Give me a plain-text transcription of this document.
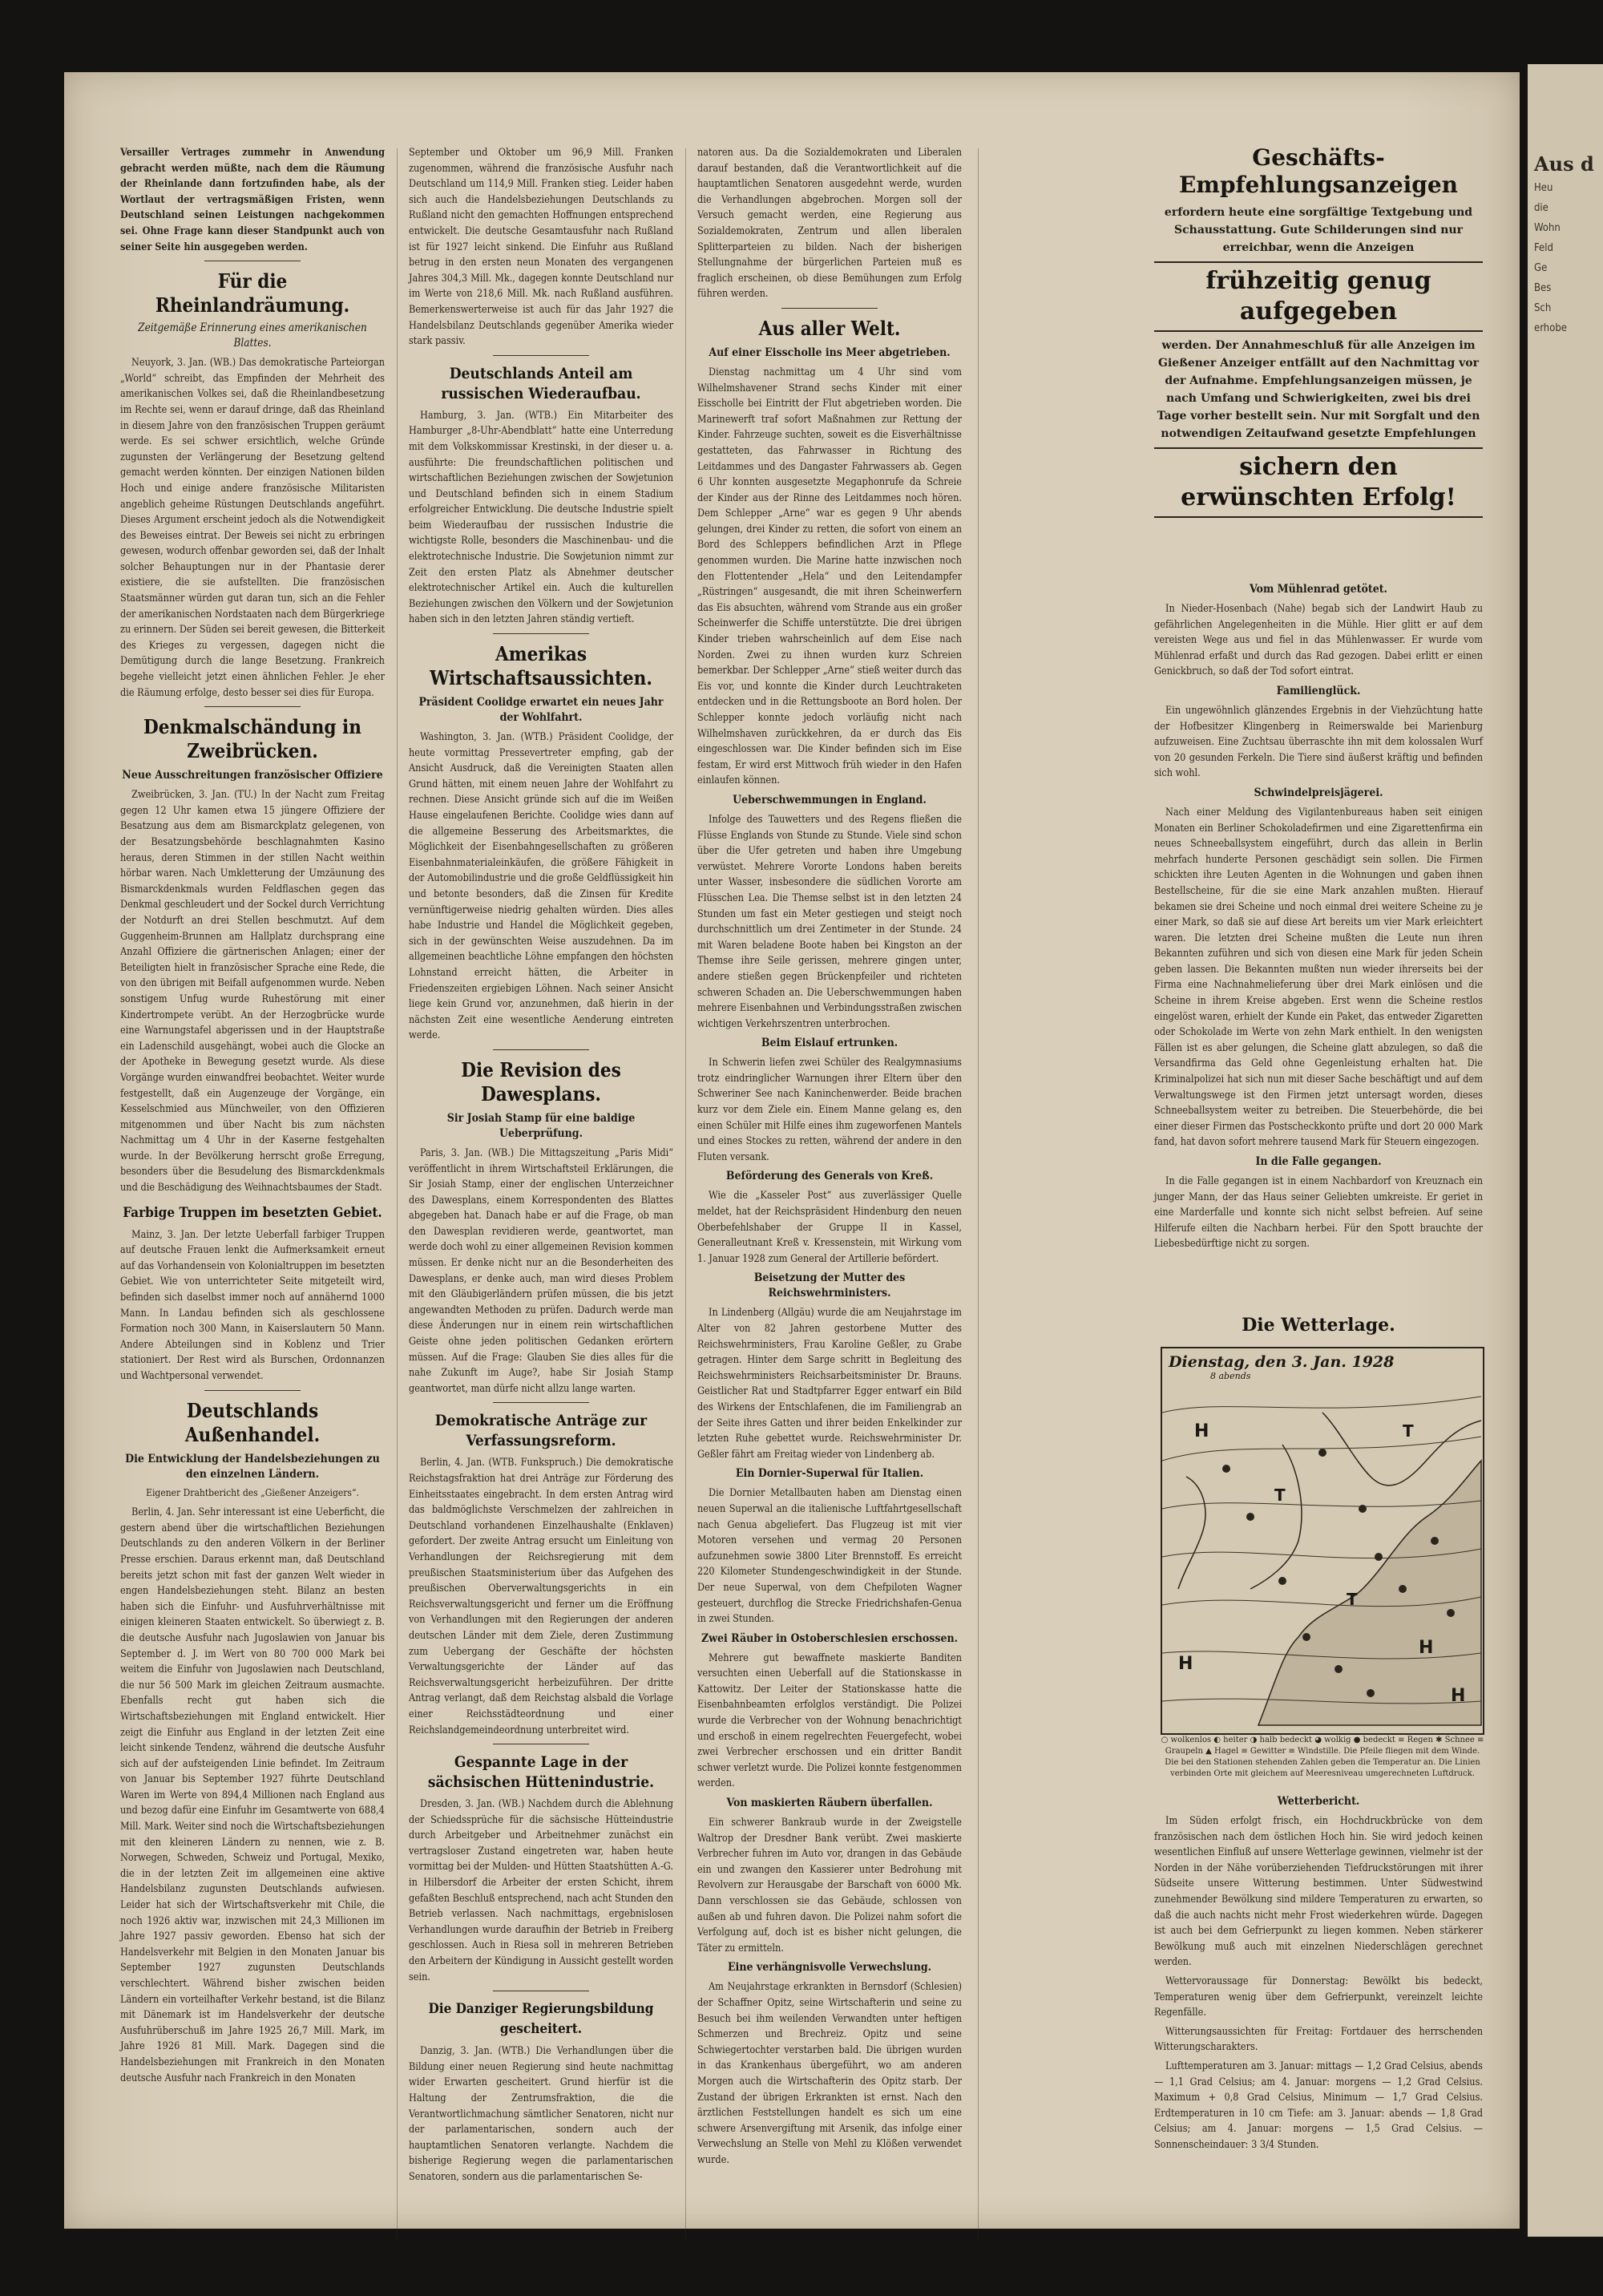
Versailler Vertrages zummehr in Anwendung gebracht werden müßte, nach dem die Räumung der Rheinlande dann fortzufinden habe, als der Wortlaut der vertragsmäßigen Fristen, wenn Deutschland seinen Leistungen nachgekommen sei. Ohne Frage kann dieser Standpunkt auch von seiner Seite hin ausgegeben werden.

Für die Rheinlandräumung.
Zeitgemäße Erinnerung eines amerikanischen Blattes.

Neuyork, 3. Jan. (WB.) Das demokratische Parteiorgan „World“ schreibt, das Empfinden der Mehrheit des amerikanischen Volkes sei, daß die Rheinlandbesetzung im Rechte sei, wenn er darauf dringe, daß das Rheinland in diesem Jahre von den französischen Truppen geräumt werde. Es sei schwer ersichtlich, welche Gründe zugunsten der Verlängerung der Besetzung geltend gemacht werden könnten. Der einzigen Nationen bilden Hoch und einige andere französische Militaristen angeblich geheime Rüstungen Deutschlands angeführt. Dieses Argument erscheint jedoch als die Notwendigkeit des Beweises eintrat. Der Beweis sei nicht zu erbringen gewesen, wodurch offenbar geworden sei, daß der Inhalt solcher Behauptungen nur in der Phantasie derer existiere, die sie aufstellten. Die französischen Staatsmänner würden gut daran tun, sich an die Fehler der amerikanischen Nordstaaten nach dem Bürgerkriege zu erinnern. Der Süden sei bereit gewesen, die Bitterkeit des Krieges zu vergessen, dagegen nicht die Demütigung durch die lange Besetzung. Frankreich begehe vielleicht jetzt einen ähnlichen Fehler. Je eher die Räumung erfolge, desto besser sei dies für Europa.

Denkmalschändung in Zweibrücken.
Neue Ausschreitungen französischer Offiziere

Zweibrücken, 3. Jan. (TU.) In der Nacht zum Freitag gegen 12 Uhr kamen etwa 15 jüngere Offiziere der Besatzung aus dem am Bismarckplatz gelegenen, von der Besatzungsbehörde beschlagnahmten Kasino heraus, deren Stimmen in der stillen Nacht weithin hörbar waren. Nach Umkletterung der Umzäunung des Bismarckdenkmals wurden Feldflaschen gegen das Denkmal geschleudert und der Sockel durch Verrichtung der Notdurft an drei Stellen beschmutzt. Auf dem Guggenheim-Brunnen am Hallplatz durchsprang eine Anzahl Offiziere die gärtnerischen Anlagen; einer der Beteiligten hielt in französischer Sprache eine Rede, die von den übrigen mit Beifall aufgenommen wurde. Neben sonstigem Unfug wurde Ruhestörung mit einer Kindertrompete verübt. An der Herzogbrücke wurde eine Warnungstafel abgerissen und in der Hauptstraße ein Ladenschild ausgehängt, wobei auch die Glocke an der Apotheke in Bewegung gesetzt wurde. Als diese Vorgänge wurden einwandfrei beobachtet. Weiter wurde festgestellt, daß ein Augenzeuge der Vorgänge, ein Kesselschmied aus Münchweiler, von den Offizieren mitgenommen und über Nacht bis zum nächsten Nachmittag um 4 Uhr in der Kaserne festgehalten wurde. In der Bevölkerung herrscht große Erregung, besonders über die Besudelung des Bismarckdenkmals und die Beschädigung des Weihnachtsbaumes der Stadt.

Farbige Truppen im besetzten Gebiet.

Mainz, 3. Jan. Der letzte Ueberfall farbiger Truppen auf deutsche Frauen lenkt die Aufmerksamkeit erneut auf das Vorhandensein von Kolonialtruppen im besetzten Gebiet. Wie von unterrichteter Seite mitgeteilt wird, befinden sich daselbst immer noch auf annähernd 1000 Mann. In Landau befinden sich als geschlossene Formation noch 300 Mann, in Kaiserslautern 50 Mann. Andere Abteilungen sind in Koblenz und Trier stationiert. Der Rest wird als Burschen, Ordonnanzen und Wachtpersonal verwendet.

Deutschlands Außenhandel.
Die Entwicklung der Handelsbeziehungen zu den einzelnen Ländern.
Eigener Drahtbericht des „Gießener Anzeigers“.

Berlin, 4. Jan. Sehr interessant ist eine Ueberficht, die gestern abend über die wirtschaftlichen Beziehungen Deutschlands zu den anderen Völkern in der Berliner Presse erschien. Daraus erkennt man, daß Deutschland bereits jetzt schon mit fast der ganzen Welt wieder in engen Handelsbeziehungen steht. Bilanz an besten haben sich die Einfuhr- und Ausfuhrverhältnisse mit einigen kleineren Staaten entwickelt. So überwiegt z. B. die deutsche Ausfuhr nach Jugoslawien von Januar bis September d. J. im Wert von 80 700 000 Mark bei weitem die Einfuhr von Jugoslawien nach Deutschland, die nur 56 500 Mark im gleichen Zeitraum ausmachte. Ebenfalls recht gut haben sich die Wirtschaftsbeziehungen mit England entwickelt. Hier zeigt die Einfuhr aus England in der letzten Zeit eine leicht sinkende Tendenz, während die deutsche Ausfuhr sich auf der aufsteigenden Linie befindet. Im Zeitraum von Januar bis September 1927 führte Deutschland Waren im Werte von 894,4 Millionen nach England aus und bezog dafür eine Einfuhr im Gesamtwerte von 688,4 Mill. Mark. Weiter sind noch die Wirtschaftsbeziehungen mit den kleineren Ländern zu nennen, wie z. B. Norwegen, Schweden, Schweiz und Portugal, Mexiko, die in der letzten Zeit im allgemeinen eine aktive Handelsbilanz zugunsten Deutschlands aufwiesen. Leider hat sich der Wirtschaftsverkehr mit Chile, die noch 1926 aktiv war, inzwischen mit 24,3 Millionen im Jahre 1927 passiv geworden. Ebenso hat sich der Handelsverkehr mit Belgien in den Monaten Januar bis September 1927 zugunsten Deutschlands verschlechtert. Während bisher zwischen beiden Ländern ein vorteilhafter Verkehr bestand, ist die Bilanz mit Dänemark ist im Handelsverkehr der deutsche Ausfuhrüberschuß im Jahre 1925 26,7 Mill. Mark, im Jahre 1926 81 Mill. Mark. Dagegen sind die Handelsbeziehungen mit Frankreich in den Monaten deutsche Ausfuhr nach Frankreich in den Monaten

September und Oktober um 96,9 Mill. Franken zugenommen, während die französische Ausfuhr nach Deutschland um 114,9 Mill. Franken stieg. Leider haben sich auch die Handelsbeziehungen Deutschlands zu Rußland nicht den gemachten Hoffnungen entsprechend entwickelt. Die deutsche Gesamtausfuhr nach Rußland ist für 1927 leicht sinkend. Die Einfuhr aus Rußland betrug in den ersten neun Monaten des vergangenen Jahres 304,3 Mill. Mk., dagegen konnte Deutschland nur im Werte von 218,6 Mill. Mk. nach Rußland ausführen. Bemerkenswerterweise ist auch für das Jahr 1927 die Handelsbilanz Deutschlands gegenüber Amerika wieder stark passiv.

Deutschlands Anteil am russischen Wiederaufbau.

Hamburg, 3. Jan. (WTB.) Ein Mitarbeiter des Hamburger „8-Uhr-Abendblatt“ hatte eine Unterredung mit dem Volkskommissar Krestinski, in der dieser u. a. ausführte: Die freundschaftlichen politischen und wirtschaftlichen Beziehungen zwischen der Sowjetunion und Deutschland befinden sich in einem Stadium erfolgreicher Entwicklung. Die deutsche Industrie spielt beim Wiederaufbau der russischen Industrie die wichtigste Rolle, besonders die Maschinenbau- und die elektrotechnische Industrie. Die Sowjetunion nimmt zur Zeit den ersten Platz als Abnehmer deutscher elektrotechnischer Artikel ein. Auch die kulturellen Beziehungen zwischen den Völkern und der Sowjetunion haben sich in den letzten Jahren ständig vertieft.

Amerikas Wirtschaftsaussichten.
Präsident Coolidge erwartet ein neues Jahr der Wohlfahrt.

Washington, 3. Jan. (WTB.) Präsident Coolidge, der heute vormittag Pressevertreter empfing, gab der Ansicht Ausdruck, daß die Vereinigten Staaten allen Grund hätten, mit einem neuen Jahre der Wohlfahrt zu rechnen. Diese Ansicht gründe sich auf die im Weißen Hause eingelaufenen Berichte. Coolidge wies dann auf die allgemeine Besserung des Arbeitsmarktes, die Möglichkeit der Eisenbahngesellschaften zu größeren Eisenbahnmaterialeinkäufen, die größere Fähigkeit in der Automobilindustrie und die große Geldflüssigkeit hin und betonte besonders, daß die Zinsen für Kredite vernünftigerweise niedrig gehalten würden. Dies alles habe Industrie und Handel die Möglichkeit gegeben, sich in der gewünschten Weise auszudehnen. Da im allgemeinen beachtliche Löhne empfangen den höchsten Lohnstand erreicht hätten, die Arbeiter in Friedenszeiten ergiebigen Löhnen. Nach seiner Ansicht liege kein Grund vor, anzunehmen, daß hierin in der nächsten Zeit eine wesentliche Aenderung eintreten werde.

Die Revision des Dawesplans.
Sir Josiah Stamp für eine baldige Ueberprüfung.

Paris, 3. Jan. (WB.) Die Mittagszeitung „Paris Midi“ veröffentlicht in ihrem Wirtschaftsteil Erklärungen, die Sir Josiah Stamp, einer der englischen Unterzeichner des Dawesplans, einem Korrespondenten des Blattes abgegeben hat. Danach habe er auf die Frage, ob man den Dawesplan revidieren werde, geantwortet, man werde doch wohl zu einer allgemeinen Revision kommen müssen. Er denke nicht nur an die Besonderheiten des Dawesplans, er denke auch, man wird dieses Problem mit den Gläubigerländern prüfen müssen, die bis jetzt angewandten Methoden zu prüfen. Dadurch werde man diese Änderungen nur in einem rein wirtschaftlichen Geiste ohne jeden politischen Gedanken erörtern müssen. Auf die Frage: Glauben Sie dies alles für die nahe Zukunft im Auge?, habe Sir Josiah Stamp geantwortet, man dürfe nicht allzu lange warten.

Demokratische Anträge zur Verfassungsreform.

Berlin, 4. Jan. (WTB. Funkspruch.) Die demokratische Reichstagsfraktion hat drei Anträge zur Förderung des Einheitsstaates eingebracht. In dem ersten Antrag wird das baldmöglichste Verschmelzen der zahlreichen in Deutschland vorhandenen Einzelhaushalte (Enklaven) gefordert. Der zweite Antrag ersucht um Einleitung von Verhandlungen der Reichsregierung mit dem preußischen Staatsministerium über das Aufgehen des preußischen Oberverwaltungsgerichts in ein Reichsverwaltungsgericht und ferner um die Eröffnung von Verhandlungen mit den Regierungen der anderen deutschen Länder mit dem Ziele, deren Zustimmung zum Uebergang der Geschäfte der höchsten Verwaltungsgerichte der Länder auf das Reichsverwaltungsgericht herbeizuführen. Der dritte Antrag verlangt, daß dem Reichstag alsbald die Vorlage einer Reichsstädteordnung und einer Reichslandgemeindeordnung unterbreitet wird.

Gespannte Lage in der sächsischen Hüttenindustrie.

Dresden, 3. Jan. (WB.) Nachdem durch die Ablehnung der Schiedssprüche für die sächsische Hütteindustrie durch Arbeitgeber und Arbeitnehmer zunächst ein vertragsloser Zustand eingetreten war, haben heute vormittag bei der Mulden- und Hütten Staatshütten A.-G. in Hilbersdorf die Arbeiter der ersten Schicht, ihrem gefaßten Beschluß entsprechend, nach acht Stunden den Betrieb verlassen. Nach nachmittags, ergebnislosen Verhandlungen wurde daraufhin der Betrieb in Freiberg geschlossen. Auch in Riesa soll in mehreren Betrieben den Arbeitern der Kündigung in Aussicht gestellt worden sein.

Die Danziger Regierungsbildung gescheitert.

Danzig, 3. Jan. (WTB.) Die Verhandlungen über die Bildung einer neuen Regierung sind heute nachmittag wider Erwarten gescheitert. Grund hierfür ist die Haltung der Zentrumsfraktion, die die Verantwortlichmachung sämtlicher Senatoren, nicht nur der parlamentarischen, sondern auch der hauptamtlichen Senatoren verlangte. Nachdem die bisherige Regierung wegen die parlamentarischen Senatoren, sondern aus die parlamentarischen Se-

natoren aus. Da die Sozialdemokraten und Liberalen darauf bestanden, daß die Verantwortlichkeit auf die hauptamtlichen Senatoren ausgedehnt werde, wurden die Verhandlungen abgebrochen. Morgen soll der Versuch gemacht werden, eine Regierung aus Sozialdemokraten, Zentrum und allen liberalen Splitterparteien zu bilden. Nach der bisherigen Stellungnahme der bürgerlichen Parteien muß es fraglich erscheinen, ob diese Bemühungen zum Erfolg führen werden.

Aus aller Welt.
Auf einer Eisscholle ins Meer abgetrieben.

Dienstag nachmittag um 4 Uhr sind vom Wilhelmshavener Strand sechs Kinder mit einer Eisscholle bei Eintritt der Flut abgetrieben worden. Die Marinewerft traf sofort Maßnahmen zur Rettung der Kinder. Fahrzeuge suchten, soweit es die Eisverhältnisse gestatteten, das Fahrwasser in Richtung des Leitdammes und des Dangaster Fahrwassers ab. Gegen 6 Uhr konnten ausgesetzte Megaphonrufe da Schreie der Kinder aus der Rinne des Leitdammes noch hören. Dem Schlepper „Arne“ war es gegen 9 Uhr abends gelungen, drei Kinder zu retten, die sofort von einem an Bord des Schleppers befindlichen Arzt in Pflege genommen wurden. Die Marine hatte inzwischen noch den Flottentender „Hela“ und den Leitendampfer „Rüstringen“ ausgesandt, die mit ihren Scheinwerfern das Eis absuchten, während vom Strande aus ein großer Scheinwerfer die Schiffe unterstützte. Die drei übrigen Kinder trieben wahrscheinlich auf dem Eise nach Norden. Zwei zu ihnen wurden kurz Schreien bemerkbar. Der Schlepper „Arne“ stieß weiter durch das Eis vor, und konnte die Kinder durch Leuchtraketen entdecken und in die Rettungsboote an Bord holen. Der Schlepper konnte jedoch vorläufig nicht nach Wilhelmshaven zurückkehren, da er durch das Eis eingeschlossen war. Die Kinder befinden sich im Eise festam, Er wird erst Mittwoch früh wieder in den Hafen einlaufen können.

Ueberschwemmungen in England.

Infolge des Tauwetters und des Regens fließen die Flüsse Englands von Stunde zu Stunde. Viele sind schon über die Ufer getreten und haben ihre Umgebung verwüstet. Mehrere Vororte Londons haben bereits unter Wasser, insbesondere die südlichen Vororte am Flüsschen Lea. Die Themse selbst ist in den letzten 24 Stunden um fast ein Meter gestiegen und steigt noch durchschnittlich um drei Zentimeter in der Stunde. 24 mit Waren beladene Boote haben bei Kingston an der Themse ihre Seile gerissen, mehrere gingen unter, andere stießen gegen Brückenpfeiler und richteten schweren Schaden an. Die Ueberschwemmungen haben mehrere Eisenbahnen und Verbindungsstraßen zwischen wichtigen Verkehrszentren unterbrochen.

Beim Eislauf ertrunken.

In Schwerin liefen zwei Schüler des Realgymnasiums trotz eindringlicher Warnungen ihrer Eltern über den Schweriner See nach Kaninchenwerder. Beide brachen kurz vor dem Ziele ein. Einem Manne gelang es, den einen Schüler mit Hilfe eines ihm zugeworfenen Mantels und eines Stockes zu retten, während der andere in den Fluten versank.

Beförderung des Generals von Kreß.

Wie die „Kasseler Post“ aus zuverlässiger Quelle meldet, hat der Reichspräsident Hindenburg den neuen Oberbefehlshaber der Gruppe II in Kassel, Generalleutnant Kreß v. Kressenstein, mit Wirkung vom 1. Januar 1928 zum General der Artillerie befördert.

Beisetzung der Mutter des Reichswehrministers.

In Lindenberg (Allgäu) wurde die am Neujahrstage im Alter von 82 Jahren gestorbene Mutter des Reichswehrministers, Frau Karoline Geßler, zu Grabe getragen. Hinter dem Sarge schritt in Begleitung des Reichswehrministers Reichsarbeitsminister Dr. Brauns. Geistlicher Rat und Stadtpfarrer Egger entwarf ein Bild des Wirkens der Entschlafenen, die im Familiengrab an der Seite ihres Gatten und ihrer beiden Enkelkinder zur letzten Ruhe gebettet wurde. Reichswehrminister Dr. Geßler fährt am Freitag wieder von Lindenberg ab.

Ein Dornier-Superwal für Italien.

Die Dornier Metallbauten haben am Dienstag einen neuen Superwal an die italienische Luftfahrtgesellschaft nach Genua abgeliefert. Das Flugzeug ist mit vier Motoren versehen und vermag 20 Personen aufzunehmen sowie 3800 Liter Brennstoff. Es erreicht 220 Kilometer Stundengeschwindigkeit in der Stunde. Der neue Superwal, von dem Chefpiloten Wagner gesteuert, durchflog die Strecke Friedrichshafen-Genua in zwei Stunden.

Zwei Räuber in Ostoberschlesien erschossen.

Mehrere gut bewaffnete maskierte Banditen versuchten einen Ueberfall auf die Stationskasse in Kattowitz. Der Leiter der Stationskasse hatte die Eisenbahnbeamten erfolglos verständigt. Die Polizei wurde die Verbrecher von der Wohnung benachrichtigt und erschoß in einem regelrechten Feuergefecht, wobei zwei Verbrecher erschossen und ein dritter Bandit schwer verletzt wurde. Die Polizei konnte festgenommen werden.

Von maskierten Räubern überfallen.

Ein schwerer Bankraub wurde in der Zweigstelle Waltrop der Dresdner Bank verübt. Zwei maskierte Verbrecher fuhren im Auto vor, drangen in das Gebäude ein und zwangen den Kassierer unter Bedrohung mit Revolvern zur Herausgabe der Barschaft von 6000 Mk. Dann verschlossen sie das Gebäude, schlossen von außen ab und fuhren davon. Die Polizei nahm sofort die Verfolgung auf, doch ist es bisher nicht gelungen, die Täter zu ermitteln.

Eine verhängnisvolle Verwechslung.

Am Neujahrstage erkrankten in Bernsdorf (Schlesien) der Schaffner Opitz, seine Wirtschafterin und seine zu Besuch bei ihm weilenden Verwandten unter heftigen Schmerzen und Brechreiz. Opitz und seine Schwiegertochter verstarben bald. Die übrigen wurden in das Krankenhaus übergeführt, wo am anderen Morgen auch die Wirtschafterin des Opitz starb. Der Zustand der übrigen Erkrankten ist ernst. Nach den ärztlichen Feststellungen handelt es sich um eine schwere Arsenvergiftung mit Arsenik, das infolge einer Verwechslung an Stelle von Mehl zu Klößen verwendet wurde.

Geschäfts-Empfehlungsanzeigen
erfordern heute eine sorgfältige Textgebung und Schausstattung. Gute Schilderungen sind nur erreichbar, wenn die Anzeigen
frühzeitig genug aufgegeben
werden. Der Annahmeschluß für alle Anzeigen im Gießener Anzeiger entfällt auf den Nachmittag vor der Aufnahme. Empfehlungsanzeigen müssen, je nach Umfang und Schwierigkeiten, zwei bis drei Tage vorher bestellt sein. Nur mit Sorgfalt und den notwendigen Zeitaufwand gesetzte Empfehlungen
sichern den erwünschten Erfolg!
Vom Mühlenrad getötet.

In Nieder-Hosenbach (Nahe) begab sich der Landwirt Haub zu gefährlichen Angelegenheiten in die Mühle. Hier glitt er auf dem vereisten Wege aus und fiel in das Mühlenwasser. Er wurde vom Mühlenrad erfaßt und durch das Rad gezogen. Dabei erlitt er einen Genickbruch, so daß der Tod sofort eintrat.

Familienglück.

Ein ungewöhnlich glänzendes Ergebnis in der Viehzüchtung hatte der Hofbesitzer Klingenberg in Reimerswalde bei Marienburg aufzuweisen. Eine Zuchtsau überraschte ihn mit dem kolossalen Wurf von 20 gesunden Ferkeln. Die Tiere sind äußerst kräftig und befinden sich wohl.

Schwindelpreisjägerei.

Nach einer Meldung des Vigilantenbureaus haben seit einigen Monaten ein Berliner Schokoladefirmen und eine Zigarettenfirma ein neues Schneeballsystem eingeführt, durch das allein in Berlin mehrfach hunderte Personen geschädigt sein sollen. Die Firmen schickten ihre Leuten Agenten in die Wohnungen und gaben ihnen Bestellscheine, für die sie eine Mark anzahlen mußten. Hierauf bekamen sie drei Scheine und noch einmal drei weitere Scheine zu je einer Mark, so daß sie auf diese Art bereits um vier Mark erleichtert waren. Die letzten drei Scheine mußten die Leute nun ihren Bekannten zuführen und sich von diesen eine Mark für jeden Schein geben lassen. Die Bekannten mußten nun wieder ihrerseits bei der Firma eine Nachnahmelieferung über drei Mark einlösen und die Scheine in ihrem Kreise abgeben. Erst wenn die Scheine restlos eingelöst waren, erhielt der Kunde ein Paket, das entweder Zigaretten oder Schokolade im Werte von zehn Mark enthielt. In den wenigsten Fällen ist es aber gelungen, die Scheine glatt abzulegen, so daß die Versandfirma das Geld ohne Gegenleistung erhalten hat. Die Kriminalpolizei hat sich nun mit dieser Sache beschäftigt und auf dem Verwaltungswege ist den Firmen jetzt untersagt worden, dieses Schneeballsystem weiter zu betreiben. Die Steuerbehörde, die bei einer dieser Firmen das Postscheckkonto prüfte und dort 20 000 Mark fand, hat davon sofort mehrere tausend Mark für Steuern eingezogen.

In die Falle gegangen.

In die Falle gegangen ist in einem Nachbardorf von Kreuznach ein junger Mann, der das Haus seiner Geliebten umkreiste. Er geriet in eine Marderfalle und konnte sich nicht selbst befreien. Auf seine Hilferufe eilten die Nachbarn herbei. Für den Spott brauchte der Liebesbedürftige nicht zu sorgen.

Die Wetterlage.
H
T
T
T
H
H
H
Dienstag, den 3. Jan. 1928
8 abends
○ wolkenlos ◐ heiter ◑ halb bedeckt ◕ wolkig ● bedeckt ≡ Regen ✱ Schnee ≡ Graupeln ▲ Hagel ≡ Gewitter ≡ Windstille. Die Pfeile fliegen mit dem Winde. Die bei den Stationen stehenden Zahlen geben die Temperatur an. Die Linien verbinden Orte mit gleichem auf Meeresniveau umgerechneten Luftdruck.
Wetterbericht.

Im Süden erfolgt frisch, ein Hochdruckbrücke von dem französischen nach dem östlichen Hoch hin. Sie wird jedoch keinen wesentlichen Einfluß auf unsere Wetterlage gewinnen, vielmehr ist der Norden in der Nähe vorüberziehenden Tiefdruckstörungen mit ihrer Südseite unsere Witterung bestimmen. Unter Südwestwind zunehmender Bewölkung sind mildere Temperaturen zu erwarten, so daß die auch nachts nicht mehr Frost wiederkehren würde. Dagegen ist auch bei dem Gefrierpunkt zu liegen kommen. Neben stärkerer Bewölkung muß auch mit einzelnen Niederschlägen gerechnet werden.

Wettervoraussage für Donnerstag: Bewölkt bis bedeckt, Temperaturen wenig über dem Gefrierpunkt, vereinzelt leichte Regenfälle.

Witterungsaussichten für Freitag: Fortdauer des herrschenden Witterungscharakters.

Lufttemperaturen am 3. Januar: mittags — 1,2 Grad Celsius, abends — 1,1 Grad Celsius; am 4. Januar: morgens — 1,2 Grad Celsius. Maximum + 0,8 Grad Celsius, Minimum — 1,7 Grad Celsius. Erdtemperaturen in 10 cm Tiefe: am 3. Januar: abends — 1,8 Grad Celsius; am 4. Januar: morgens — 1,5 Grad Celsius. — Sonnenscheindauer: 3 3/4 Stunden.

Aus d
Heu
die
Wohn
Feld
Ge
Bes
Sch
erhobe
